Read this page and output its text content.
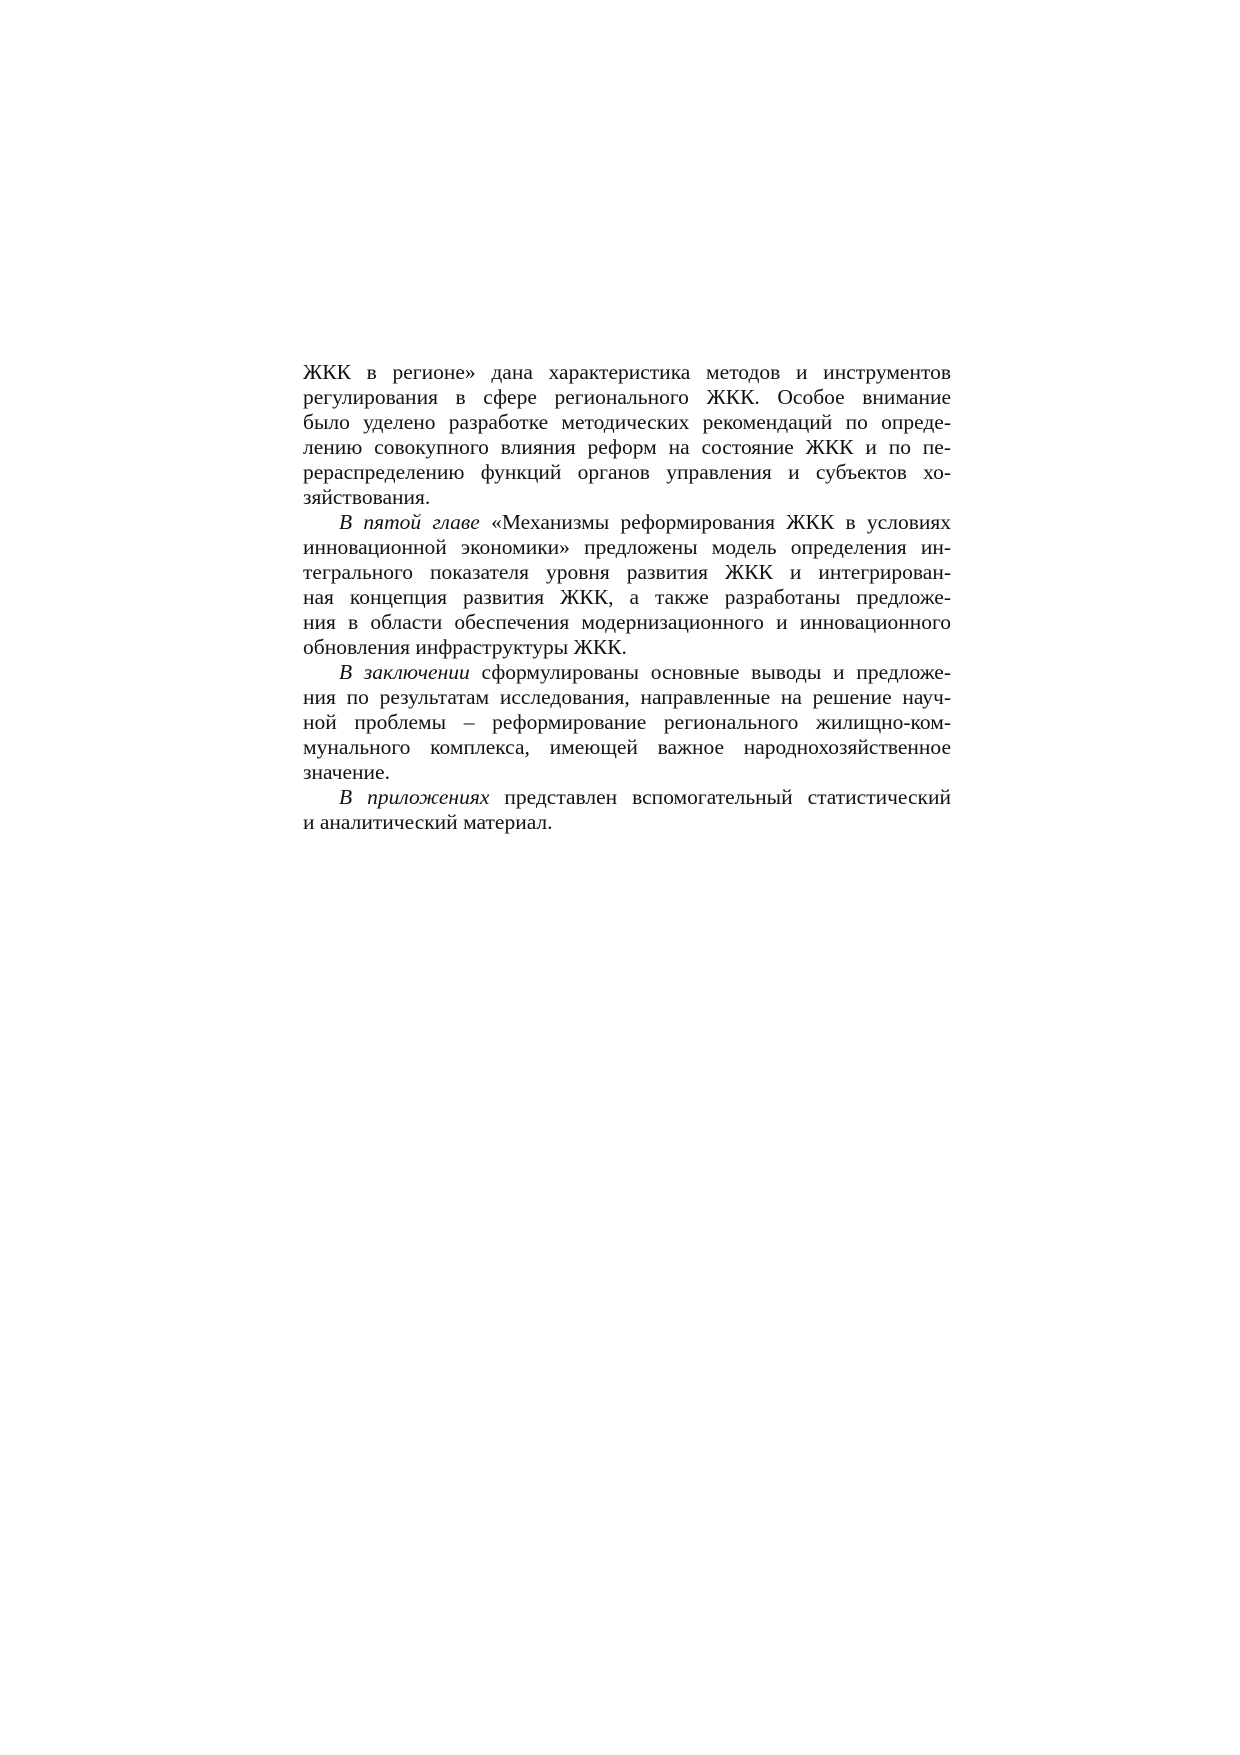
ЖКК в регионе» дана характеристика методов и инструментов
регулирования в сфере регионального ЖКК. Особое внимание
было уделено разработке методических рекомендаций по опреде-
лению совокупного влияния реформ на состояние ЖКК и по пе-
рераспределению функций органов управления и субъектов хо-
зяйствования.
В пятой главе «Механизмы реформирования ЖКК в условиях
инновационной экономики» предложены модель определения ин-
тегрального показателя уровня развития ЖКК и интегрирован-
ная концепция развития ЖКК, а также разработаны предложе-
ния в области обеспечения модернизационного и инновационного
обновления инфраструктуры ЖКК.
В заключении сформулированы основные выводы и предложе-
ния по результатам исследования, направленные на решение науч-
ной проблемы – реформирование регионального жилищно-ком-
мунального комплекса, имеющей важное народнохозяйственное
значение.
В приложениях представлен вспомогательный статистический
и аналитический материал.
